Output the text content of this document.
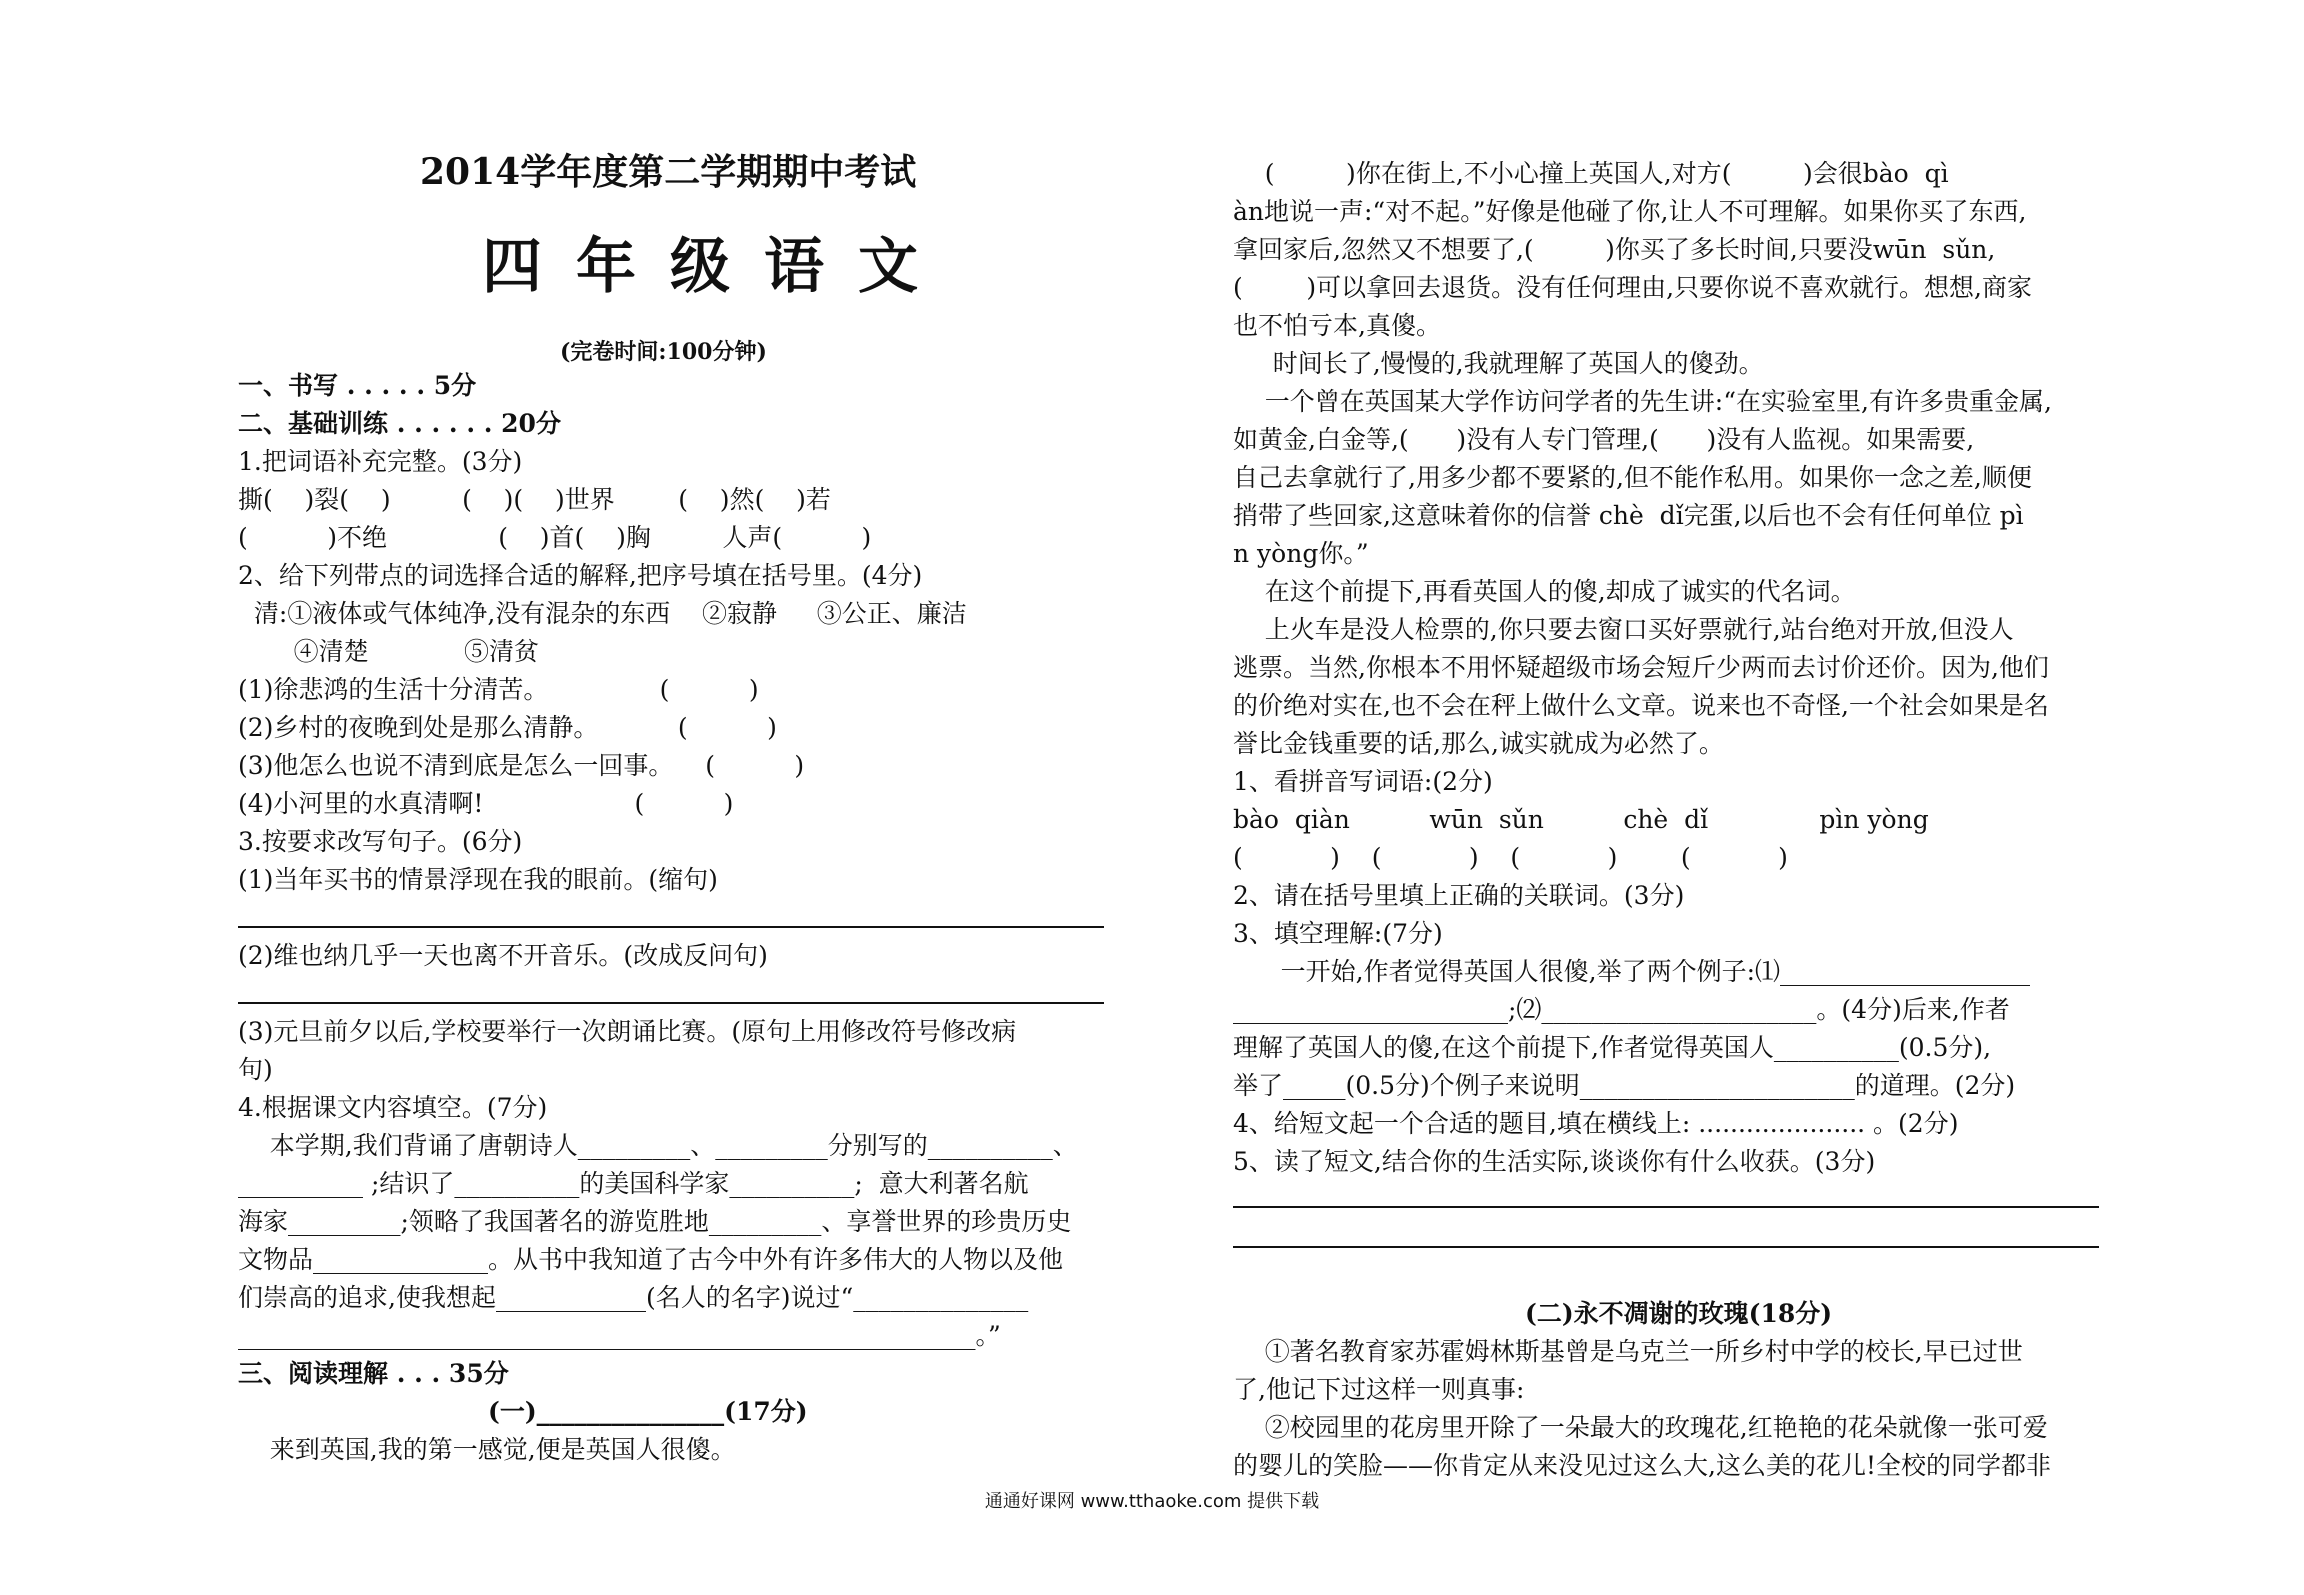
2014学年度第二学期期中考试
四年级语文
(完卷时间:100分钟)
一、书写 . . . . . 5分
二、基础训练 . . . . . . 20分
1.把词语补充完整。(3分)
撕(    )裂(    )         (    )(    )世界        (    )然(    )若
(          )不绝              (    )首(    )胸         人声(          )
2、给下列带点的词选择合适的解释,把序号填在括号里。(4分)
清:①液体或气体纯净,没有混杂的东西    ②寂静     ③公正、廉洁
④清楚            ⑤清贫
(1)徐悲鸿的生活十分清苦。              (          )
(2)乡村的夜晚到处是那么清静。          (          )
(3)他怎么也说不清到底是怎么一回事。    (          )
(4)小河里的水真清啊!                   (          )
3.按要求改写句子。(6分)
(1)当年买书的情景浮现在我的眼前。(缩句)
(2)维也纳几乎一天也离不开音乐。(改成反问句)
(3)元旦前夕以后,学校要举行一次朗诵比赛。(原句上用修改符号修改病
句)
4.根据课文内容填空。(7分)
本学期,我们背诵了唐朝诗人_________、_________分别写的__________、
__________ ;结识了__________的美国科学家__________;  意大利著名航
海家_________;领略了我国著名的游览胜地_________、享誉世界的珍贵历史
文物品______________。从书中我知道了古今中外有许多伟大的人物以及他
们崇高的追求,使我想起____________(名人的名字)说过“______________
___________________________________________________________。”
三、阅读理解 . . . 35分
(一)_______________(17分)
来到英国,我的第一感觉,便是英国人很傻。
(         )你在街上,不小心撞上英国人,对方(         )会很bào  qì
àn地说一声:“对不起。”好像是他碰了你,让人不可理解。如果你买了东西,
拿回家后,忽然又不想要了,(         )你买了多长时间,只要没wūn  sǔn,
(        )可以拿回去退货。没有任何理由,只要你说不喜欢就行。想想,商家
也不怕亏本,真傻。
时间长了,慢慢的,我就理解了英国人的傻劲。
一个曾在英国某大学作访问学者的先生讲:“在实验室里,有许多贵重金属,
如黄金,白金等,(      )没有人专门管理,(      )没有人监视。如果需要,
自己去拿就行了,用多少都不要紧的,但不能作私用。如果你一念之差,顺便
捎带了些回家,这意味着你的信誉 chè  dǐ完蛋,以后也不会有任何单位 pì
n yòng你。”
在这个前提下,再看英国人的傻,却成了诚实的代名词。
上火车是没人检票的,你只要去窗口买好票就行,站台绝对开放,但没人
逃票。当然,你根本不用怀疑超级市场会短斤少两而去讨价还价。因为,他们
的价绝对实在,也不会在秤上做什么文章。说来也不奇怪,一个社会如果是名
誉比金钱重要的话,那么,诚实就成为必然了。
1、看拼音写词语:(2分)
bào  qiàn          wūn  sǔn          chè  dǐ              pìn yòng
(           )    (           )    (           )        (           )
2、请在括号里填上正确的关联词。(3分)
3、填空理解:(7分)
一开始,作者觉得英国人很傻,举了两个例子:⑴____________________
______________________;⑵______________________。(4分)后来,作者
理解了英国人的傻,在这个前提下,作者觉得英国人__________(0.5分),
举了_____(0.5分)个例子来说明______________________的道理。(2分)
4、给短文起一个合适的题目,填在横线上: ..................... 。(2分)
5、读了短文,结合你的生活实际,谈谈你有什么收获。(3分)
(二)永不凋谢的玫瑰(18分)
①著名教育家苏霍姆林斯基曾是乌克兰一所乡村中学的校长,早已过世
了,他记下过这样一则真事:
②校园里的花房里开除了一朵最大的玫瑰花,红艳艳的花朵就像一张可爱
的婴儿的笑脸——你肯定从来没见过这么大,这么美的花儿!全校的同学都非
通通好课网 www.tthaoke.com 提供下载
